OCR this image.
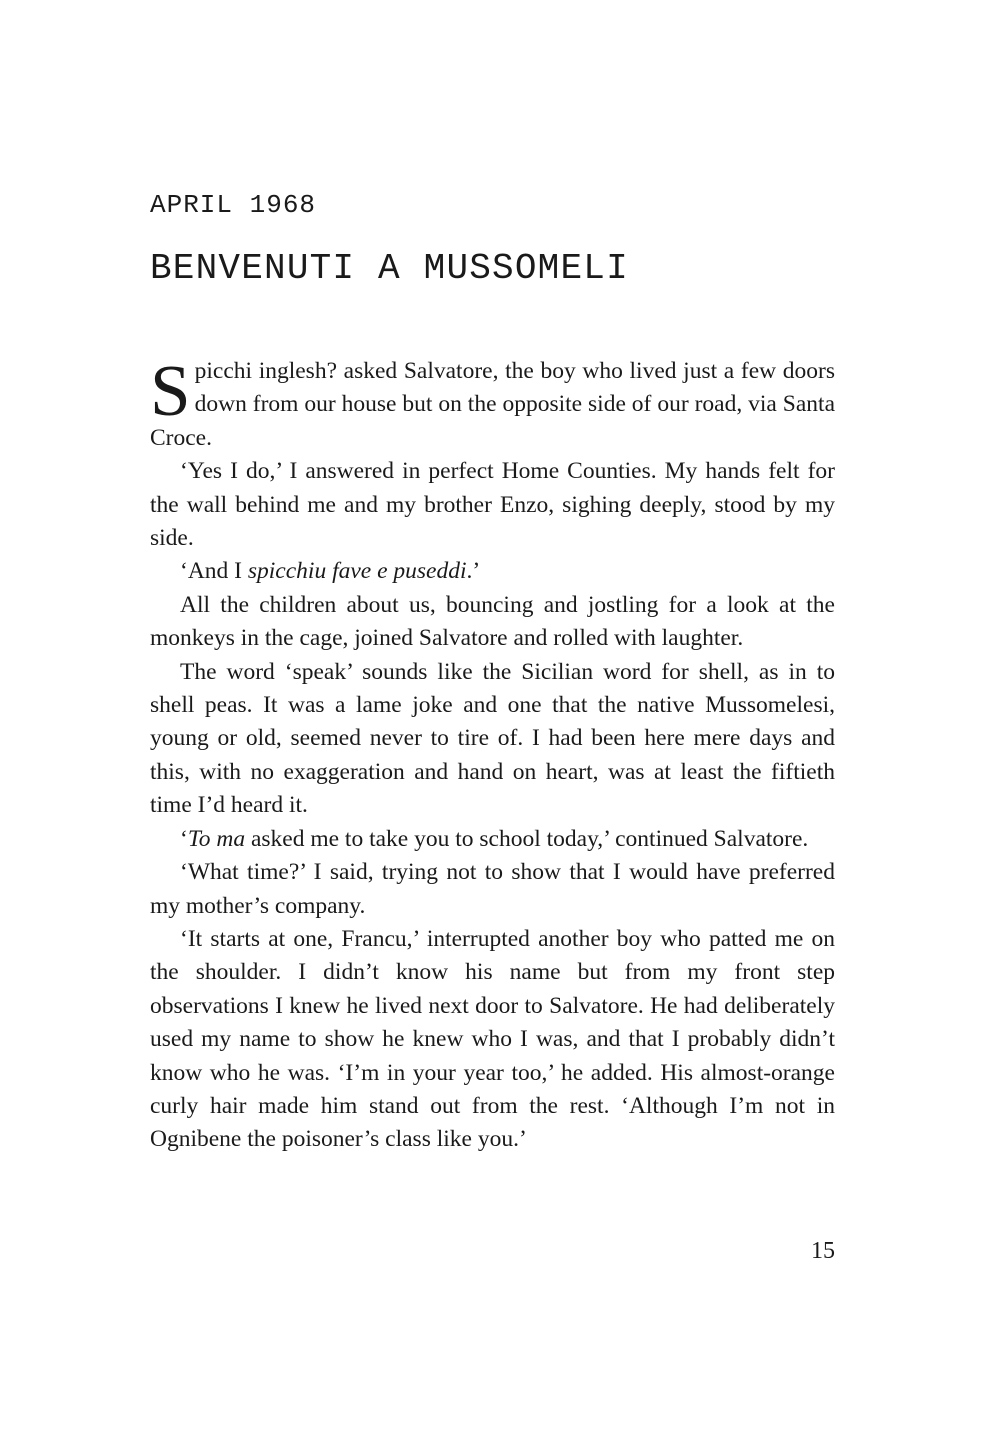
APRIL 1968
BENVENUTI A MUSSOMELI

Spicchi inglesh? asked Salvatore, the boy who lived just a few doors down from our house but on the opposite side of our road, via Santa Croce.

‘Yes I do,’ I answered in perfect Home Counties. My hands felt for the wall behind me and my brother Enzo, sighing deeply, stood by my side.

‘And I spicchiu fave e puseddi.’

All the children about us, bouncing and jostling for a look at the monkeys in the cage, joined Salvatore and rolled with laughter.

The word ‘speak’ sounds like the Sicilian word for shell, as in to shell peas. It was a lame joke and one that the native Mussomelesi, young or old, seemed never to tire of. I had been here mere days and this, with no exaggeration and hand on heart, was at least the fiftieth time I’d heard it.

‘To ma asked me to take you to school today,’ continued Salvatore.

‘What time?’ I said, trying not to show that I would have preferred my mother’s company.

‘It starts at one, Francu,’ interrupted another boy who patted me on the shoulder. I didn’t know his name but from my front step observations I knew he lived next door to Salvatore. He had deliberately used my name to show he knew who I was, and that I probably didn’t know who he was. ‘I’m in your year too,’ he added. His almost-orange curly hair made him stand out from the rest. ‘Although I’m not in Ognibene the poisoner’s class like you.’

15
